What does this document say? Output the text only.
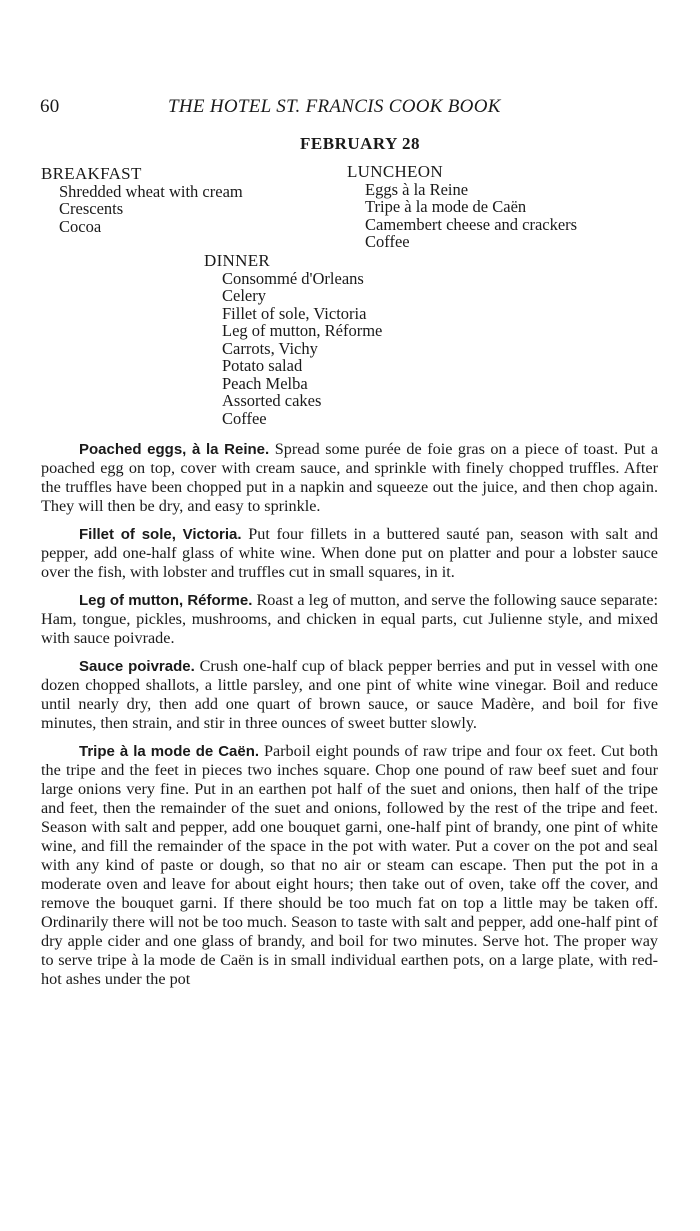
60	THE HOTEL ST. FRANCIS COOK BOOK
FEBRUARY 28
BREAKFAST
Shredded wheat with cream
Crescents
Cocoa
LUNCHEON
Eggs à la Reine
Tripe à la mode de Caën
Camembert cheese and crackers
Coffee
DINNER
Consommé d'Orleans
Celery
Fillet of sole, Victoria
Leg of mutton, Réforme
Carrots, Vichy
Potato salad
Peach Melba
Assorted cakes
Coffee

Poached eggs, à la Reine. Spread some purée de foie gras on a piece of toast. Put a poached egg on top, cover with cream sauce, and sprinkle with finely chopped truffles. After the truffles have been chopped put in a napkin and squeeze out the juice, and then chop again. They will then be dry, and easy to sprinkle.

Fillet of sole, Victoria. Put four fillets in a buttered sauté pan, season with salt and pepper, add one-half glass of white wine. When done put on platter and pour a lobster sauce over the fish, with lobster and truffles cut in small squares, in it.

Leg of mutton, Réforme. Roast a leg of mutton, and serve the following sauce separate: Ham, tongue, pickles, mushrooms, and chicken in equal parts, cut Julienne style, and mixed with sauce poivrade.

Sauce poivrade. Crush one-half cup of black pepper berries and put in vessel with one dozen chopped shallots, a little parsley, and one pint of white wine vinegar. Boil and reduce until nearly dry, then add one quart of brown sauce, or sauce Madère, and boil for five minutes, then strain, and stir in three ounces of sweet butter slowly.

Tripe à la mode de Caën. Parboil eight pounds of raw tripe and four ox feet. Cut both the tripe and the feet in pieces two inches square. Chop one pound of raw beef suet and four large onions very fine. Put in an earthen pot half of the suet and onions, then half of the tripe and feet, then the remainder of the suet and onions, followed by the rest of the tripe and feet. Season with salt and pepper, add one bouquet garni, one-half pint of brandy, one pint of white wine, and fill the remainder of the space in the pot with water. Put a cover on the pot and seal with any kind of paste or dough, so that no air or steam can escape. Then put the pot in a moderate oven and leave for about eight hours; then take out of oven, take off the cover, and remove the bouquet garni. If there should be too much fat on top a little may be taken off. Ordinarily there will not be too much. Season to taste with salt and pepper, add one-half pint of dry apple cider and one glass of brandy, and boil for two minutes. Serve hot. The proper way to serve tripe à la mode de Caën is in small individual earthen pots, on a large plate, with red-hot ashes under the pot
